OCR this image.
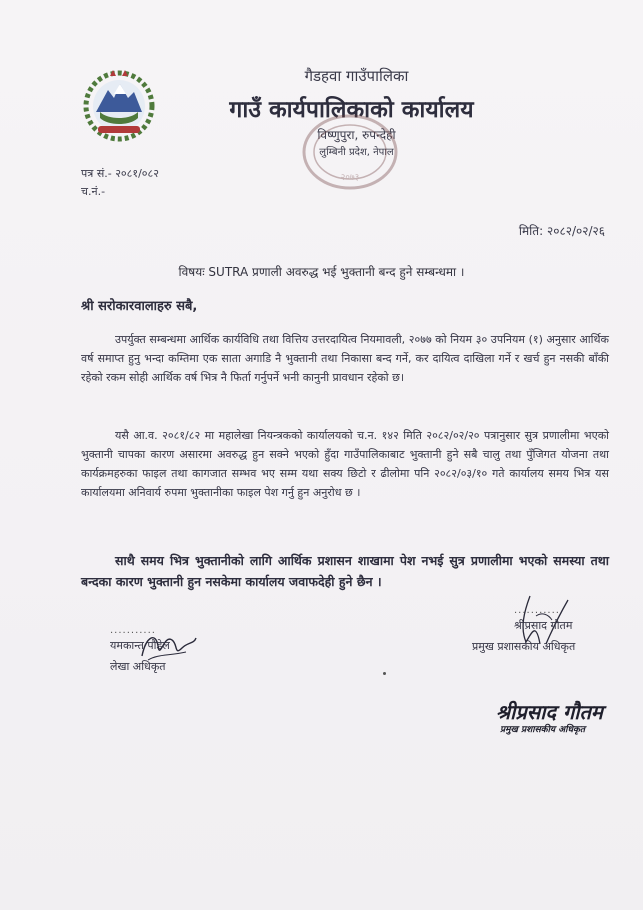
गैडहवा गाउँपालिका
गाउँ कार्यपालिकाको कार्यालय
विष्णुपुरा, रुपन्देही
लुम्बिनी प्रदेश, नेपाल
२०७३
पत्र सं.- २०८१/०८२
च.नं.-
मिति: २०८२/०२/२६
विषयः SUTRA प्रणाली अवरुद्ध भई भुक्तानी बन्द हुने सम्बन्धमा ।
श्री सरोकारवालाहरु सबै,
उपर्युक्त सम्बन्धमा आर्थिक कार्यविधि तथा वित्तिय उत्तरदायित्व नियमावली, २०७७ को नियम ३० उपनियम (१) अनुसार आर्थिक वर्ष समाप्त हुनु भन्दा कम्तिमा एक साता अगाडि नै भुक्तानी तथा निकासा बन्द गर्ने, कर दायित्व दाखिला गर्ने र खर्च हुन नसकी बाँकी रहेको रकम सोही आर्थिक वर्ष भित्र नै फिर्ता गर्नुपर्ने भनी कानुनी प्रावधान रहेको छ।
यसै आ.व. २०८१/८२ मा महालेखा नियन्त्रकको कार्यालयको च.न. १४२ मिति २०८२/०२/२० पत्रानुसार सुत्र प्रणालीमा भएको भुक्तानी चापका कारण असारमा अवरुद्ध हुन सक्ने भएको हुँदा गाउँपालिकाबाट भुक्तानी हुने सबै चालु तथा पुँजिगत योजना तथा कार्यक्रमहरुका फाइल तथा कागजात सम्भव भए सम्म यथा सक्य छिटो र ढीलोमा पनि २०८२/०३/१० गते कार्यालय समय भित्र यस कार्यालयमा अनिवार्य रुपमा भुक्तानीका फाइल पेश गर्नु हुन अनुरोध छ ।
साथै समय भित्र भुक्तानीको लागि आर्थिक प्रशासन शाखामा पेश नभई सुत्र प्रणालीमा भएको समस्या तथा बन्दका कारण भुक्तानी हुन नसकेमा कार्यालय जवाफदेही हुने छैन ।
...........
यमकान्त पौडेल
लेखा अधिकृत
...........
श्रीप्रसाद गौतम
प्रमुख प्रशासकीय अधिकृत
श्रीप्रसाद गौतम
प्रमुख प्रशासकीय अधिकृत
